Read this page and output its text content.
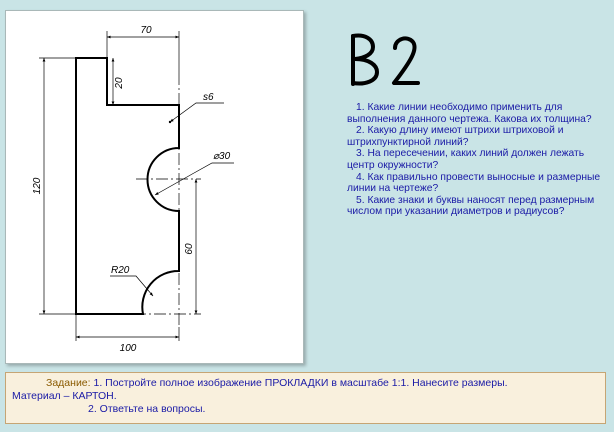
70
20
s6
⌀30
120
R20
60
100
1. Какие линии необходимо применить для выполнения данного чертежа. Какова их толщина?
2. Какую длину имеют штрихи штриховой и штрихпунктирной линий?
3. На пересечении, каких линий должен лежать центр окружности?
4. Как правильно провести выносные и размерные линии на чертеже?
5. Какие знаки и буквы наносят перед размерным числом при указании диаметров и радиусов?
Задание: 1. Постройте полное изображение ПРОКЛАДКИ в масштабе 1:1. Нанесите размеры.
Материал – КАРТОН.
2. Ответьте на вопросы.
